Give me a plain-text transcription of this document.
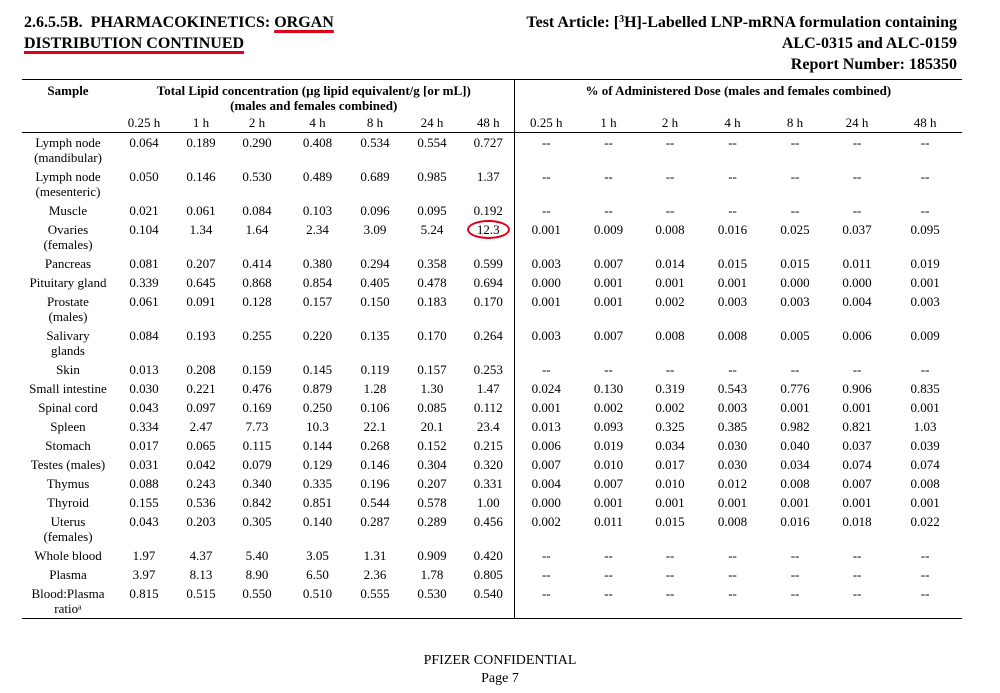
2.6.5.5B. PHARMACOKINETICS: ORGAN
DISTRIBUTION CONTINUED
Test Article: [$^3$H]-Labelled LNP-mRNA formulation containing
ALC-0315 and ALC-0159
Report Number: 185350
Sample	Total Lipid concentration (µg lipid equivalent/g [or mL])
(males and females combined)							% of Administered Dose (males and females combined)						
	0.25 h	1 h	2 h	4 h	8 h	24 h	48 h	0.25 h	1 h	2 h	4 h	8 h	24 h	48 h

Lymph node
(mandibular)	0.064	0.189	0.290	0.408	0.534	0.554	0.727	--	--	--	--	--	--	--

Lymph node
(mesenteric)	0.050	0.146	0.530	0.489	0.689	0.985	1.37	--	--	--	--	--	--	--

Muscle	0.021	0.061	0.084	0.103	0.096	0.095	0.192	--	--	--	--	--	--	--

Ovaries
(females)	0.104	1.34	1.64	2.34	3.09	5.24	12.3	0.001	0.009	0.008	0.016	0.025	0.037	0.095

Pancreas	0.081	0.207	0.414	0.380	0.294	0.358	0.599	0.003	0.007	0.014	0.015	0.015	0.011	0.019

Pituitary gland	0.339	0.645	0.868	0.854	0.405	0.478	0.694	0.000	0.001	0.001	0.001	0.000	0.000	0.001

Prostate
(males)	0.061	0.091	0.128	0.157	0.150	0.183	0.170	0.001	0.001	0.002	0.003	0.003	0.004	0.003

Salivary
glands	0.084	0.193	0.255	0.220	0.135	0.170	0.264	0.003	0.007	0.008	0.008	0.005	0.006	0.009

Skin	0.013	0.208	0.159	0.145	0.119	0.157	0.253	--	--	--	--	--	--	--

Small intestine	0.030	0.221	0.476	0.879	1.28	1.30	1.47	0.024	0.130	0.319	0.543	0.776	0.906	0.835

Spinal cord	0.043	0.097	0.169	0.250	0.106	0.085	0.112	0.001	0.002	0.002	0.003	0.001	0.001	0.001

Spleen	0.334	2.47	7.73	10.3	22.1	20.1	23.4	0.013	0.093	0.325	0.385	0.982	0.821	1.03

Stomach	0.017	0.065	0.115	0.144	0.268	0.152	0.215	0.006	0.019	0.034	0.030	0.040	0.037	0.039

Testes (males)	0.031	0.042	0.079	0.129	0.146	0.304	0.320	0.007	0.010	0.017	0.030	0.034	0.074	0.074

Thymus	0.088	0.243	0.340	0.335	0.196	0.207	0.331	0.004	0.007	0.010	0.012	0.008	0.007	0.008

Thyroid	0.155	0.536	0.842	0.851	0.544	0.578	1.00	0.000	0.001	0.001	0.001	0.001	0.001	0.001

Uterus
(females)	0.043	0.203	0.305	0.140	0.287	0.289	0.456	0.002	0.011	0.015	0.008	0.016	0.018	0.022

Whole blood	1.97	4.37	5.40	3.05	1.31	0.909	0.420	--	--	--	--	--	--	--

Plasma	3.97	8.13	8.90	6.50	2.36	1.78	0.805	--	--	--	--	--	--	--

Blood:Plasma
ratioᵃ	0.815	0.515	0.550	0.510	0.555	0.530	0.540	--	--	--	--	--	--	--
PFIZER CONFIDENTIAL
Page 7
